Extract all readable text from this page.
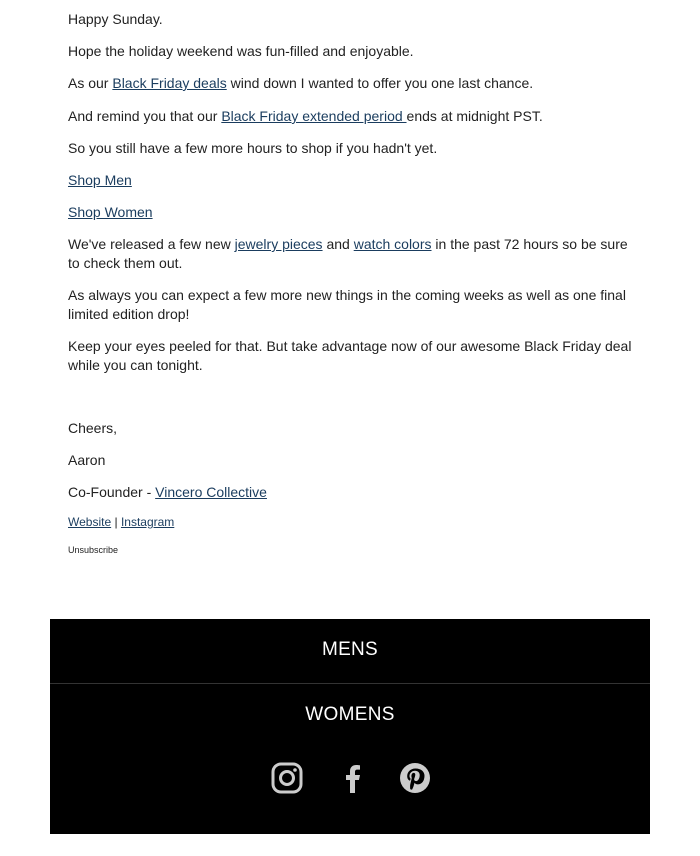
Happy Sunday.

Hope the holiday weekend was fun-filled and enjoyable.

As our Black Friday deals wind down I wanted to offer you one last chance.

And remind you that our Black Friday extended period ends at midnight PST.

So you still have a few more hours to shop if you hadn't yet.

Shop Men

Shop Women

We've released a few new jewelry pieces and watch colors in the past 72 hours so be sure to check them out.

As always you can expect a few more new things in the coming weeks as well as one final limited edition drop!

Keep your eyes peeled for that. But take advantage now of our awesome Black Friday deal while you can tonight.

Cheers,

Aaron

Co-Founder - Vincero Collective

Website | Instagram

Unsubscribe

MENS
WOMENS
